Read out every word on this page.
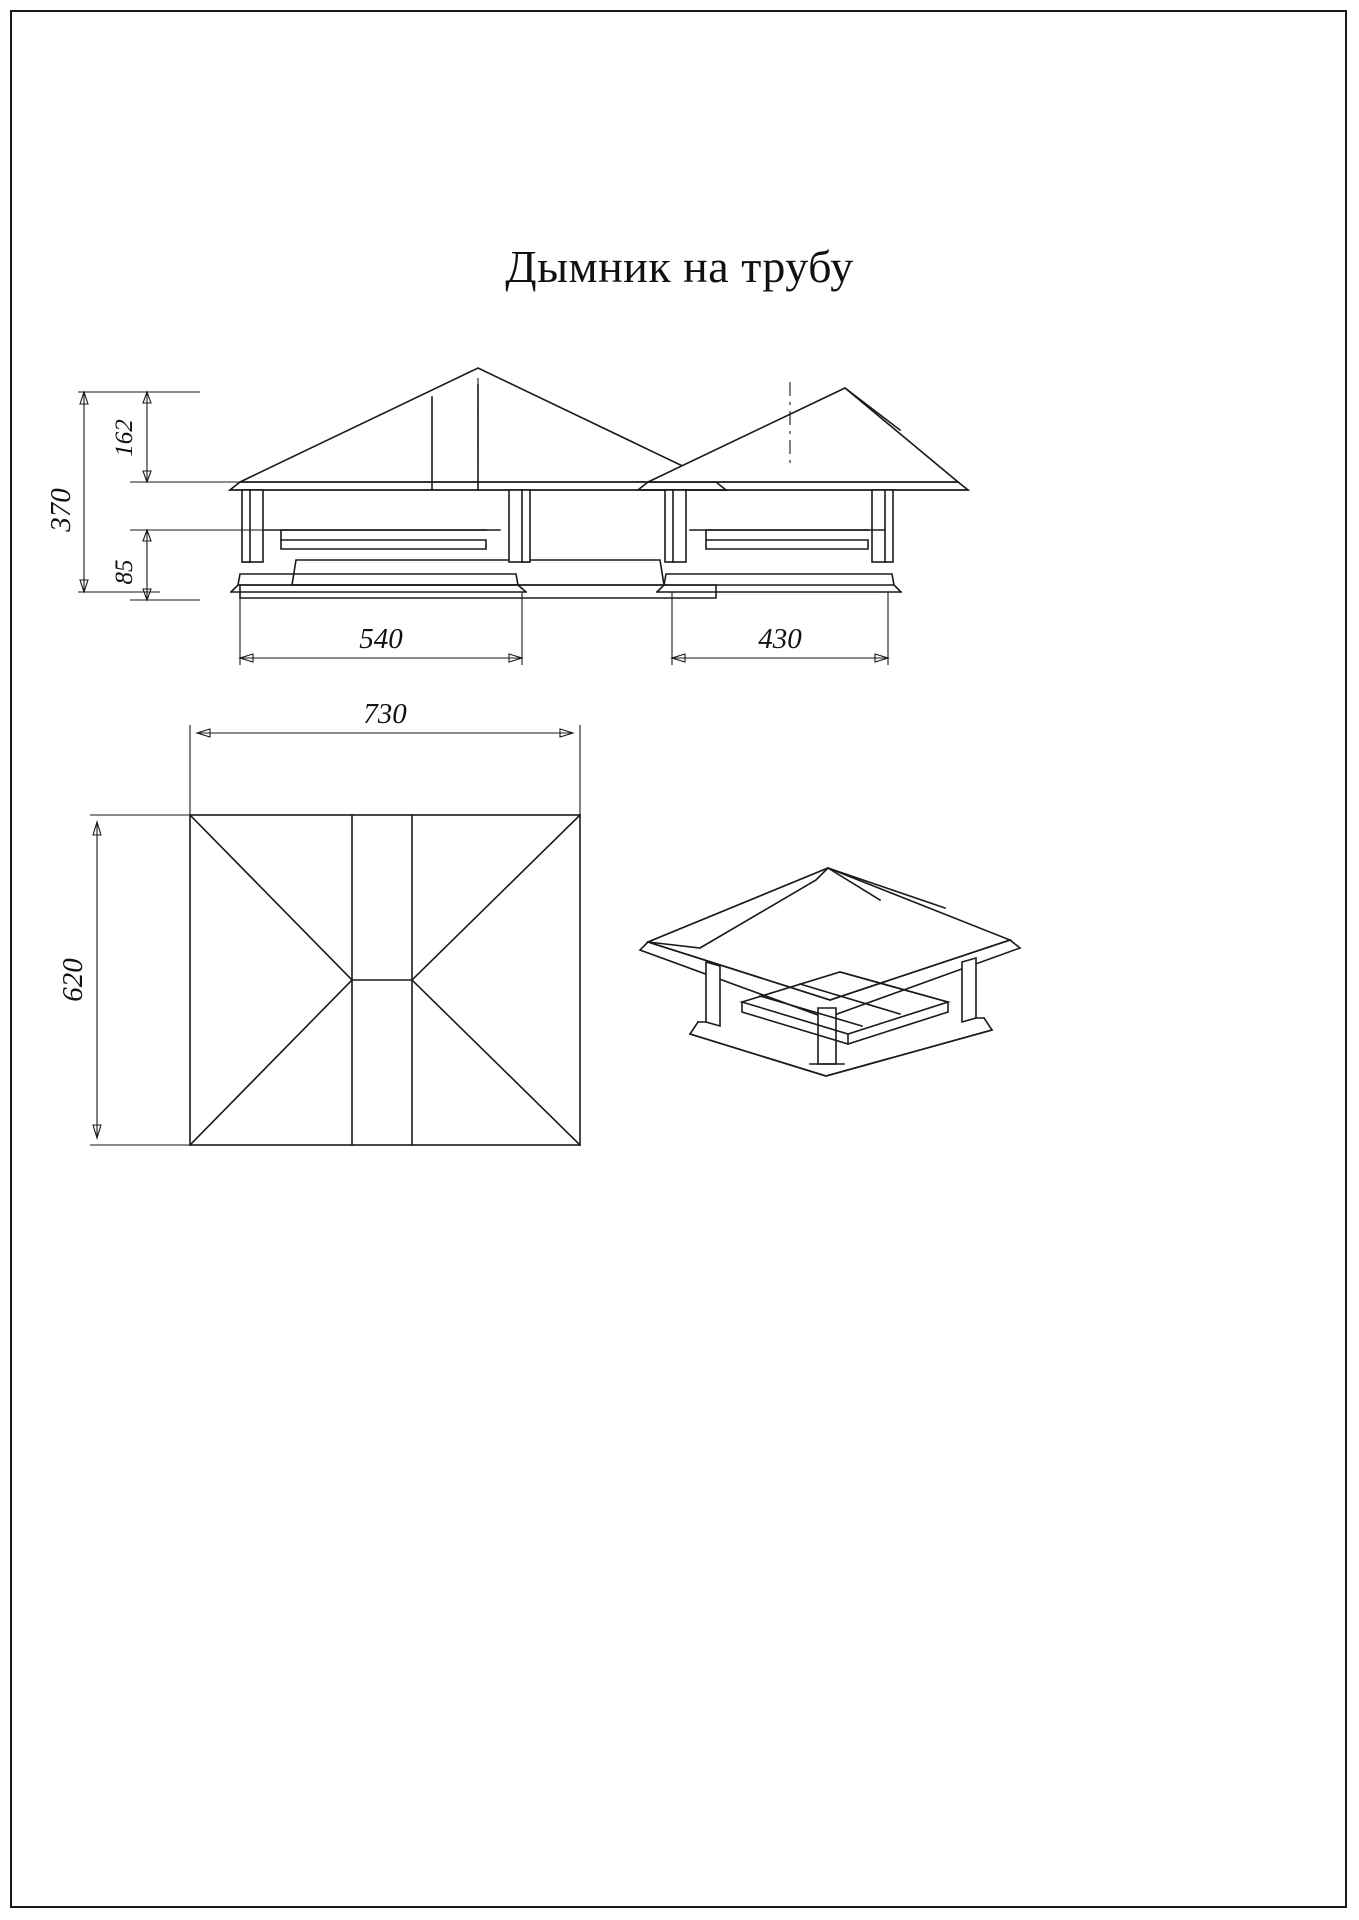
Дымник на трубу
370
162
85
540	430
730
620
